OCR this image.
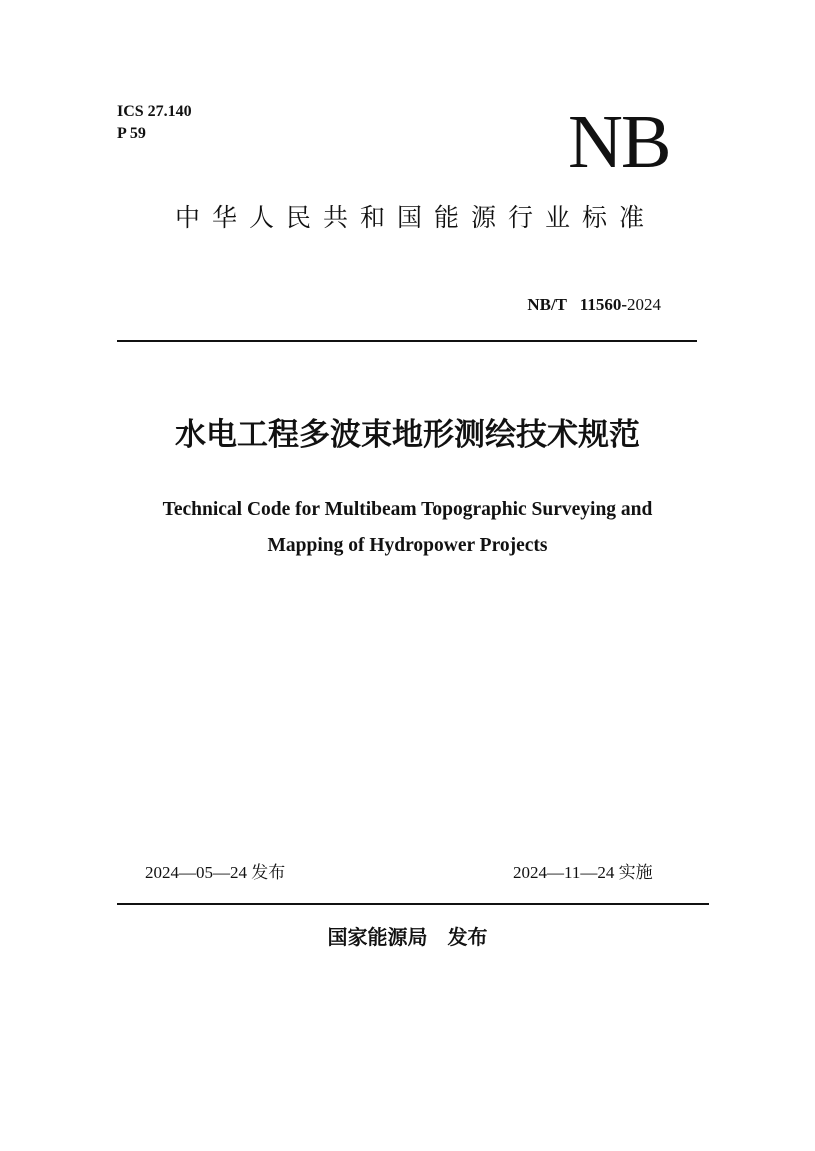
ICS 27.140
P 59	NB
中华人民共和国能源行业标准
NB/T 11560-2024
水电工程多波束地形测绘技术规范
Technical Code for Multibeam Topographic Surveying and
Mapping of Hydropower Projects
2024—05—24 发布	2024—11—24 实施
国家能源局　发布
